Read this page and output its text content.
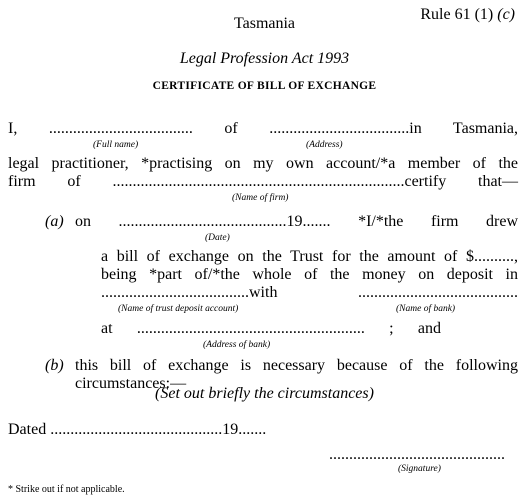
Rule 61 (1) (c)
Tasmania
Legal Profession Act 1993
CERTIFICATE OF BILL OF EXCHANGE
I, .................................... of ...................................in Tasmania,
(Full name)	(Address)
legal practitioner, *practising on my own account/*a member of the
firm of .........................................................................certify that—
(Name of firm)
(a) on ..........................................19....... *I/*the firm drew
(Date)
a bill of exchange on the Trust for the amount of $..........,
being *part of/*the whole of the money on deposit in
.....................................with	........................................
(Name of trust deposit account)	(Name of bank)
at ......................................................... ; and
(Address of bank)
(b) this bill of exchange is necessary because of the following
circumstances:—
(Set out briefly the circumstances)
Dated ...........................................19.......
............................................
(Signature)
* Strike out if not applicable.
